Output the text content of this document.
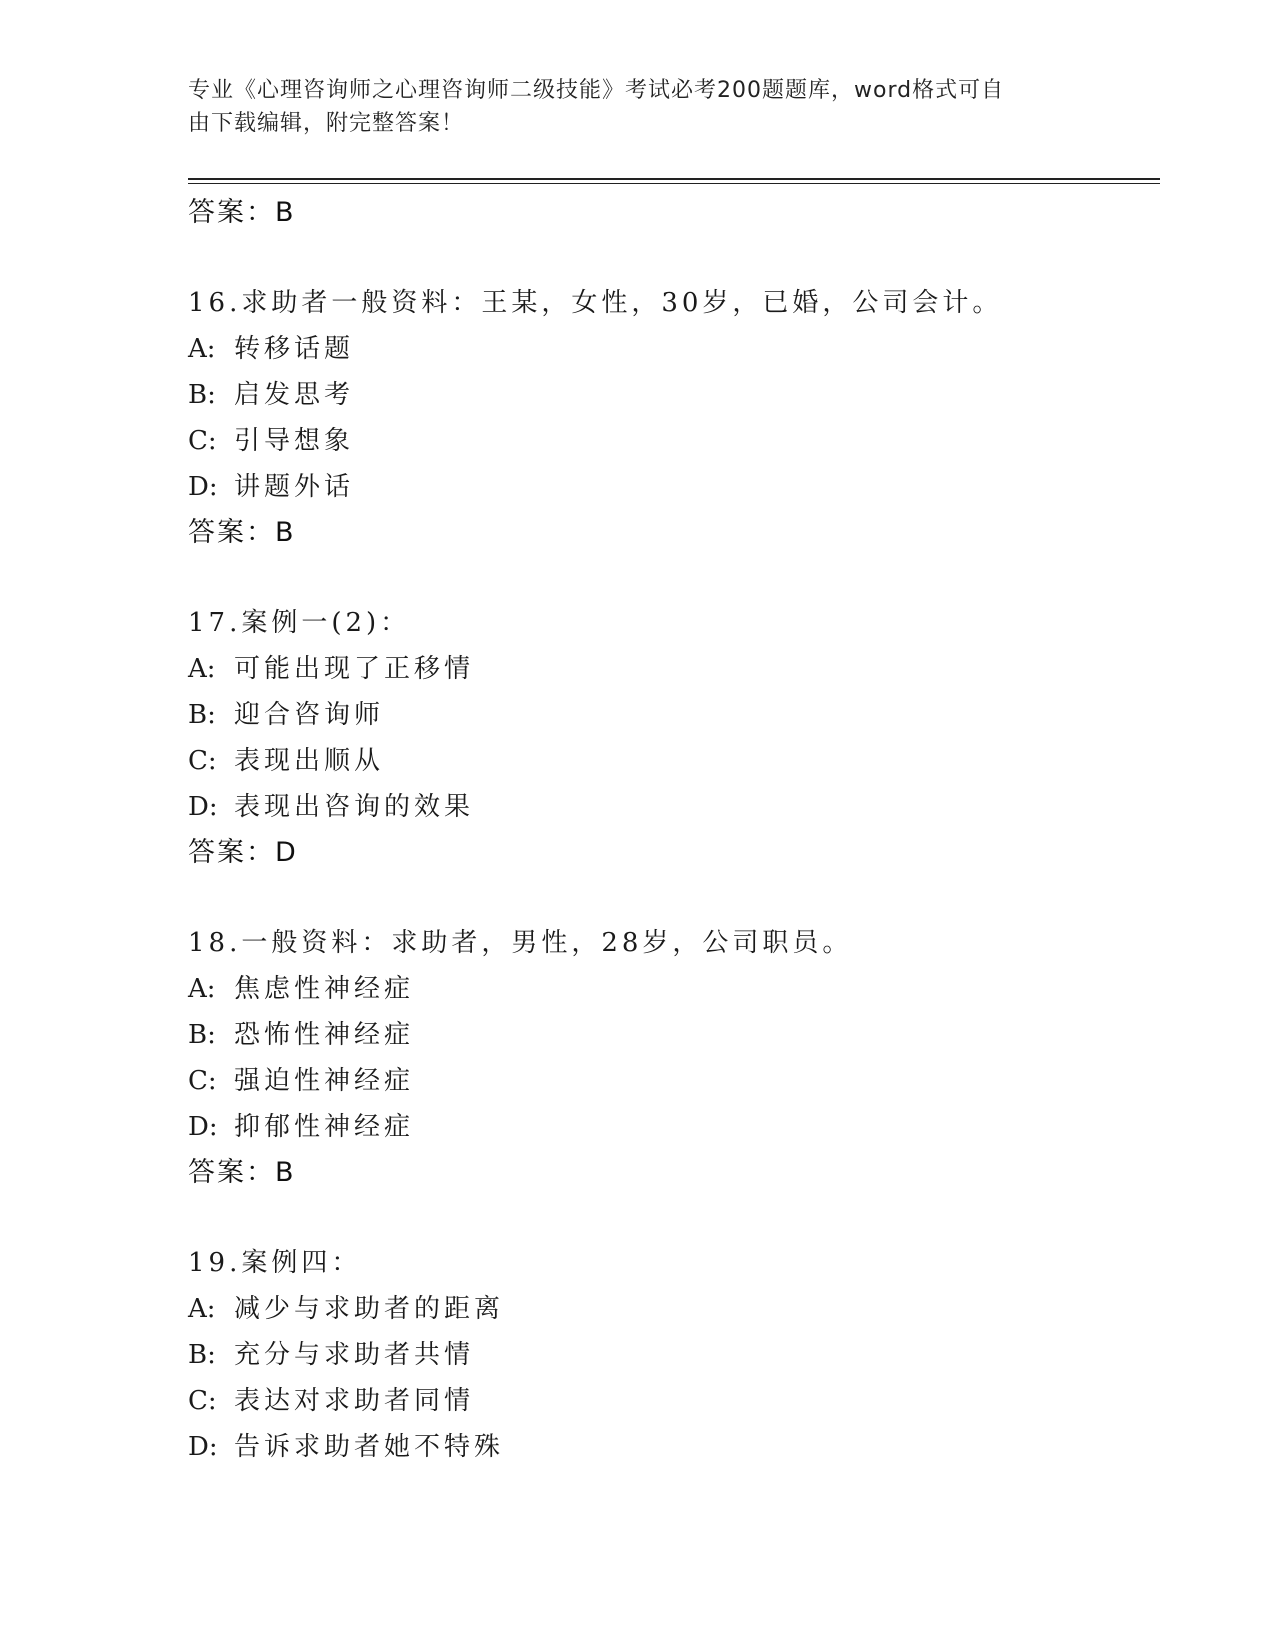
专业《心理咨询师之心理咨询师二级技能》考试必考200题题库，word格式可自
由下载编辑，附完整答案！
答案：B
16.求助者一般资料：王某，女性，30岁，已婚，公司会计。
A: 转移话题
B: 启发思考
C: 引导想象
D: 讲题外话
答案：B
17.案例一(2)：
A: 可能出现了正移情
B: 迎合咨询师
C: 表现出顺从
D: 表现出咨询的效果
答案：D
18.一般资料：求助者，男性，28岁，公司职员。
A: 焦虑性神经症
B: 恐怖性神经症
C: 强迫性神经症
D: 抑郁性神经症
答案：B
19.案例四：
A: 减少与求助者的距离
B: 充分与求助者共情
C: 表达对求助者同情
D: 告诉求助者她不特殊
